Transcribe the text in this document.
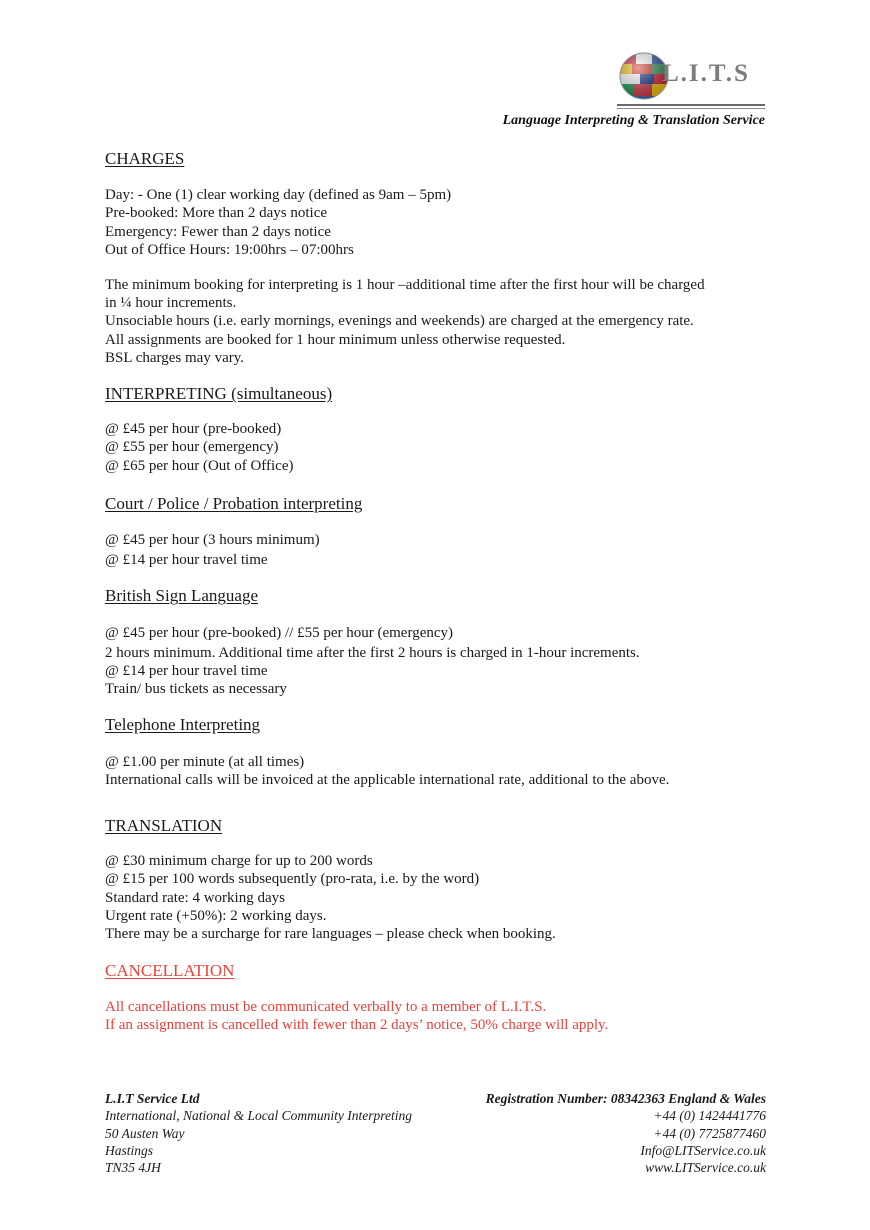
L.I.T.S
Language Interpreting & Translation Service

CHARGES

Day: - One (1) clear working day (defined as 9am – 5pm)

Pre-booked: More than 2 days notice

Emergency: Fewer than 2 days notice

Out of Office Hours: 19:00hrs – 07:00hrs

The minimum booking for interpreting is 1 hour –additional time after the first hour will be charged

in ¼ hour increments.

Unsociable hours (i.e. early mornings, evenings and weekends) are charged at the emergency rate.

All assignments are booked for 1 hour minimum unless otherwise requested.

BSL charges may vary.

INTERPRETING (simultaneous)

@ £45 per hour (pre-booked)

@ £55 per hour (emergency)

@ £65 per hour (Out of Office)

Court / Police / Probation interpreting

@ £45 per hour (3 hours minimum)

@ £14 per hour travel time

British Sign Language

@ £45 per hour (pre-booked) // £55 per hour (emergency)

2 hours minimum. Additional time after the first 2 hours is charged in 1-hour increments.

@ £14 per hour travel time

Train/ bus tickets as necessary

Telephone Interpreting

@ £1.00 per minute (at all times)

International calls will be invoiced at the applicable international rate, additional to the above.

TRANSLATION

@ £30 minimum charge for up to 200 words

@ £15 per 100 words subsequently (pro-rata, i.e. by the word)

Standard rate: 4 working days

Urgent rate (+50%): 2 working days.

There may be a surcharge for rare languages – please check when booking.

CANCELLATION

All cancellations must be communicated verbally to a member of L.I.T.S.

If an assignment is cancelled with fewer than 2 days’ notice, 50% charge will apply.

L.I.T Service Ltd	Registration Number: 08342363 England & Wales
International, National & Local Community Interpreting	+44 (0) 1424441776
50 Austen Way	+44 (0) 7725877460
Hastings	Info@LITService.co.uk
TN35 4JH	www.LITService.co.uk
